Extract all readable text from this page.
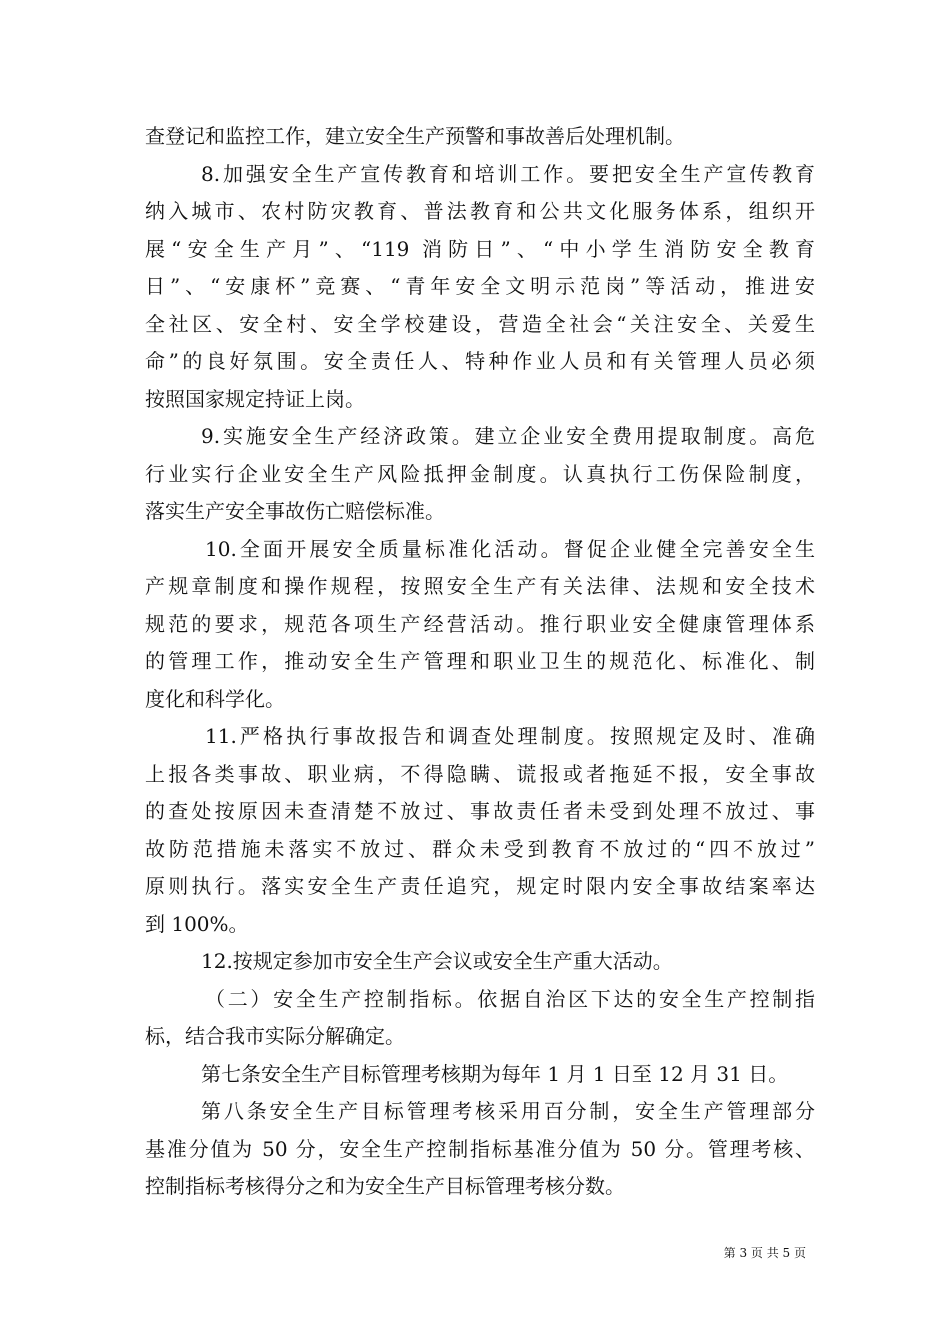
查登记和监控工作，建立安全生产预警和事故善后处理机制。
8.加强安全生产宣传教育和培训工作。要把安全生产宣传教育
纳入城市、农村防灾教育、普法教育和公共文化服务体系，组织开
展“安全生产月”、“119 消防日”、“中小学生消防安全教育
日”、“安康杯”竞赛、“青年安全文明示范岗”等活动，推进安
全社区、安全村、安全学校建设，营造全社会“关注安全、关爱生
命”的良好氛围。安全责任人、特种作业人员和有关管理人员必须
按照国家规定持证上岗。
9.实施安全生产经济政策。建立企业安全费用提取制度。高危
行业实行企业安全生产风险抵押金制度。认真执行工伤保险制度，
落实生产安全事故伤亡赔偿标准。
10.全面开展安全质量标准化活动。督促企业健全完善安全生
产规章制度和操作规程，按照安全生产有关法律、法规和安全技术
规范的要求，规范各项生产经营活动。推行职业安全健康管理体系
的管理工作，推动安全生产管理和职业卫生的规范化、标准化、制
度化和科学化。
11.严格执行事故报告和调查处理制度。按照规定及时、准确
上报各类事故、职业病，不得隐瞒、谎报或者拖延不报，安全事故
的查处按原因未查清楚不放过、事故责任者未受到处理不放过、事
故防范措施未落实不放过、群众未受到教育不放过的“四不放过”
原则执行。落实安全生产责任追究，规定时限内安全事故结案率达
到 100%。
12.按规定参加市安全生产会议或安全生产重大活动。
（二）安全生产控制指标。依据自治区下达的安全生产控制指
标，结合我市实际分解确定。
第七条安全生产目标管理考核期为每年 1 月 1 日至 12 月 31 日。
第八条安全生产目标管理考核采用百分制，安全生产管理部分
基准分值为 50 分，安全生产控制指标基准分值为 50 分。管理考核、
控制指标考核得分之和为安全生产目标管理考核分数。
第 3 页 共 5 页
